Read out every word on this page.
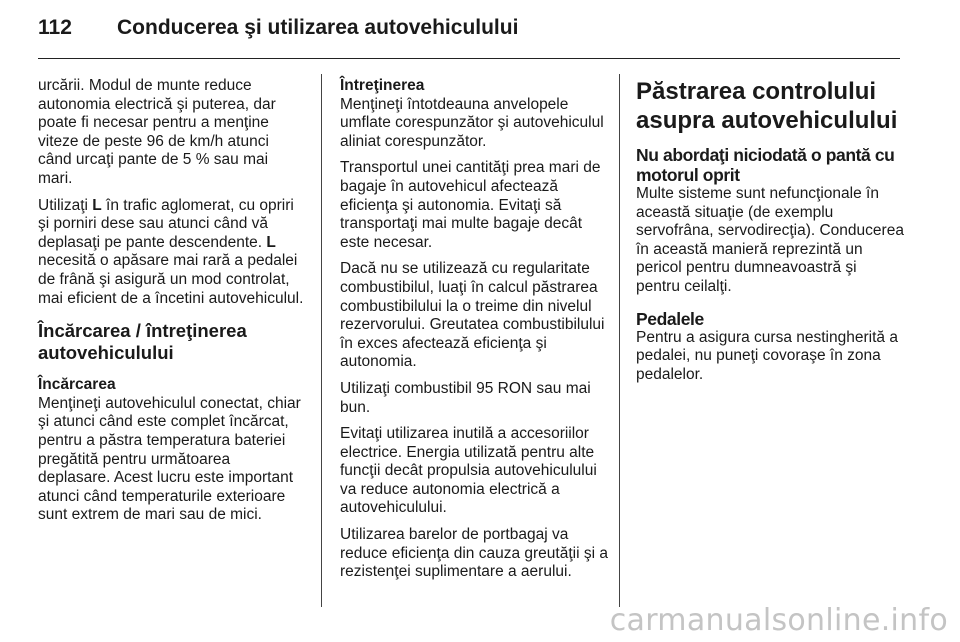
112 Conducerea şi utilizarea autovehiculului

urcării. Modul de munte reduce autonomia electrică şi puterea, dar poate fi necesar pentru a menţine viteze de peste 96 de km/h atunci când urcaţi pante de 5 % sau mai mari.

Utilizaţi L în trafic aglomerat, cu opriri şi porniri dese sau atunci când vă deplasaţi pe pante descendente. L necesită o apăsare mai rară a pedalei de frână şi asigură un mod controlat, mai eficient de a încetini autovehiculul.

Încărcarea / întreţinerea autovehiculului
Încărcarea

Menţineţi autovehiculul conectat, chiar şi atunci când este complet încărcat, pentru a păstra temperatura bateriei pregătită pentru următoarea deplasare. Acest lucru este important atunci când temperaturile exterioare sunt extrem de mari sau de mici.

Întreţinerea

Menţineţi întotdeauna anvelopele umflate corespunzător şi autovehiculul aliniat corespunzător.

Transportul unei cantităţi prea mari de bagaje în autovehicul afectează eficienţa şi autonomia. Evitaţi să transportaţi mai multe bagaje decât este necesar.

Dacă nu se utilizează cu regularitate combustibilul, luaţi în calcul păstrarea combustibilului la o treime din nivelul rezervorului. Greutatea combustibilului în exces afectează eficienţa şi autonomia.

Utilizaţi combustibil 95 RON sau mai bun.

Evitaţi utilizarea inutilă a accesoriilor electrice. Energia utilizată pentru alte funcţii decât propulsia autovehiculului va reduce autonomia electrică a autovehiculului.

Utilizarea barelor de portbagaj va reduce eficienţa din cauza greutăţii şi a rezistenţei suplimentare a aerului.

Păstrarea controlului asupra autovehiculului
Nu abordaţi niciodată o pantă cu motorul oprit

Multe sisteme sunt nefuncţionale în această situaţie (de exemplu servofrâna, servodirecţia). Conducerea în această manieră reprezintă un pericol pentru dumneavoastră şi pentru ceilalţi.

Pedalele

Pentru a asigura cursa nestingherită a pedalei, nu puneţi covoraşe în zona pedalelor.

carmanualsonline.info
